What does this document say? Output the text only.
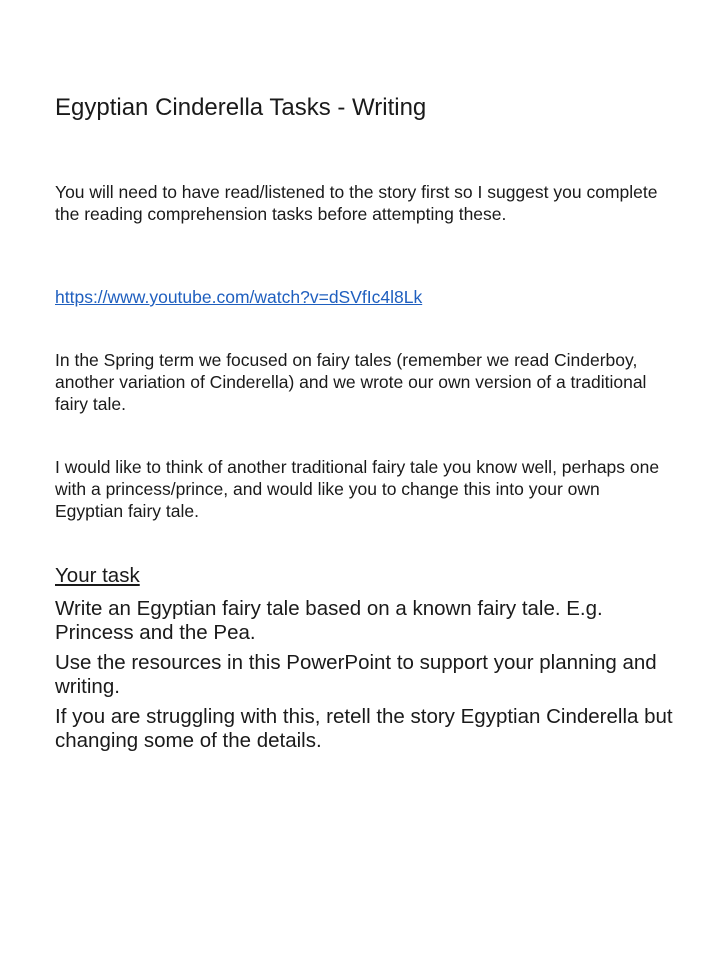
Egyptian Cinderella Tasks - Writing

You will need to have read/listened to the story first so I suggest you complete the reading comprehension tasks before attempting these.

https://www.youtube.com/watch?v=dSVfIc4l8Lk

In the Spring term we focused on fairy tales (remember we read Cinderboy, another variation of Cinderella) and we wrote our own version of a traditional fairy tale.

I would like to think of another traditional fairy tale you know well, perhaps one with a princess/prince, and would like you to change this into your own Egyptian fairy tale.

Your task
Write an Egyptian fairy tale based on a known fairy tale. E.g. Princess and the Pea.
Use the resources in this PowerPoint to support your planning and writing.
If you are struggling with this, retell the story Egyptian Cinderella but changing some of the details.
